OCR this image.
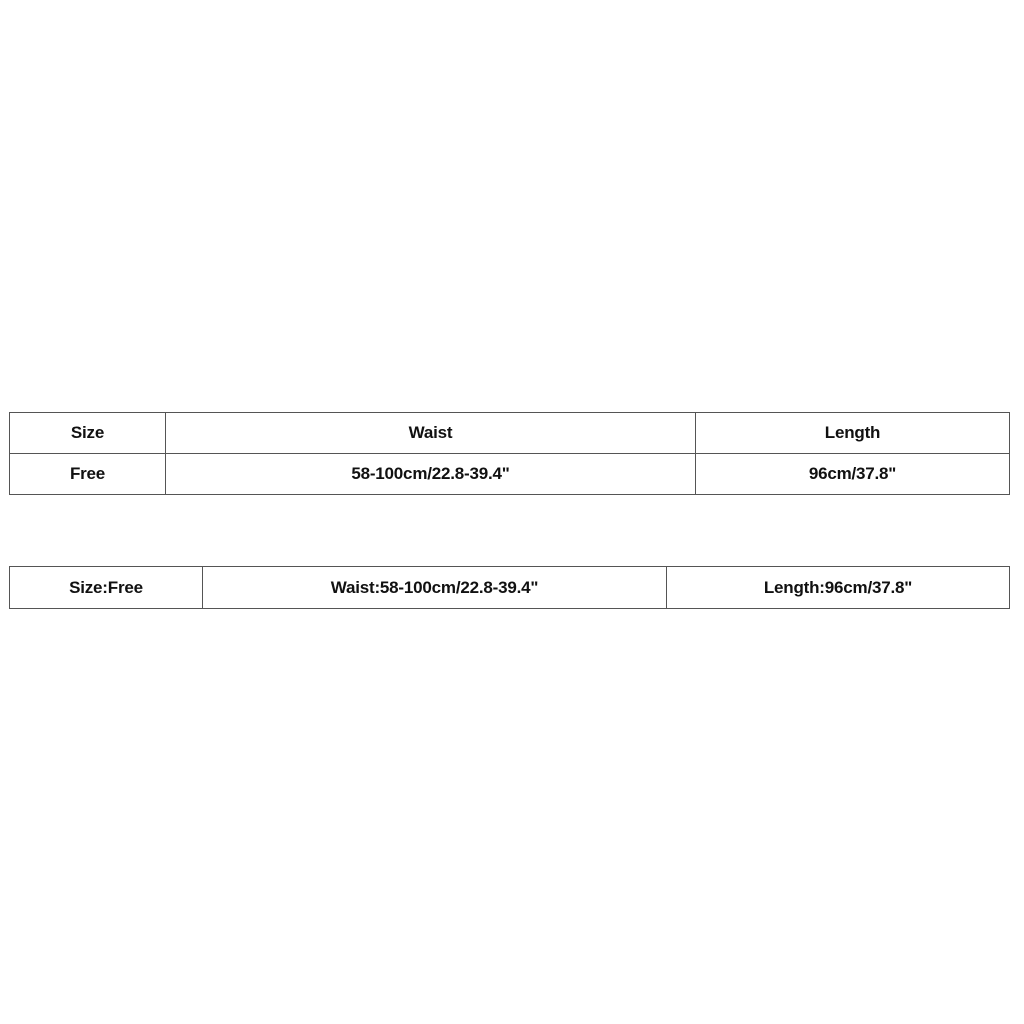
Size	Waist	Length
Free	58-100cm/22.8-39.4"	96cm/37.8"
Size:Free	Waist:58-100cm/22.8-39.4"	Length:96cm/37.8"
